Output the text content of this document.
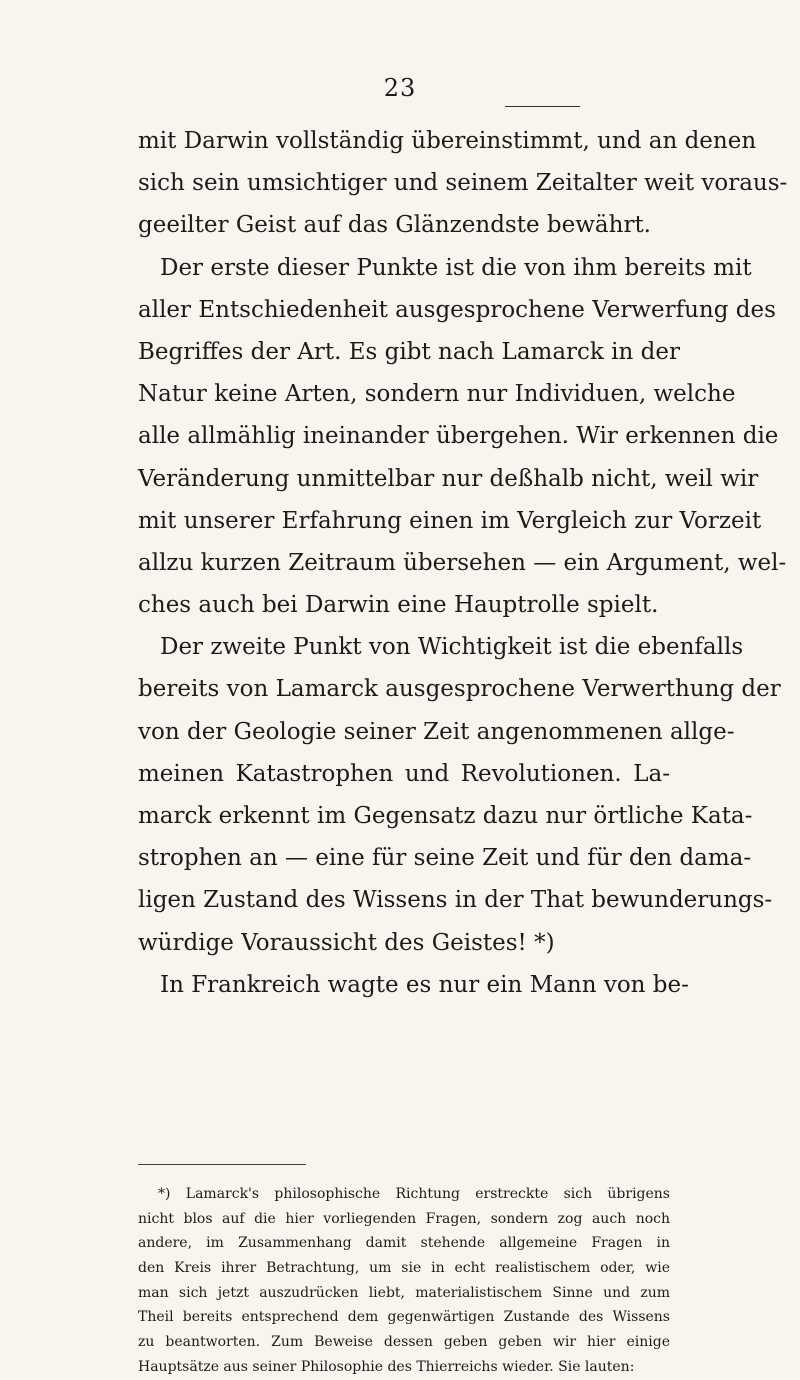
23
mit Darwin vollständig übereinstimmt, und an denen
sich sein umsichtiger und seinem Zeitalter weit voraus-
geeilter Geist auf das Glänzendste bewährt.
Der erste dieser Punkte ist die von ihm bereits mit
aller Entschiedenheit ausgesprochene Verwerfung des
Begriffes der Art. Es gibt nach Lamarck in der
Natur keine Arten, sondern nur Individuen, welche
alle allmählig ineinander übergehen. Wir erkennen die
Veränderung unmittelbar nur deßhalb nicht, weil wir
mit unserer Erfahrung einen im Vergleich zur Vorzeit
allzu kurzen Zeitraum übersehen — ein Argument, wel-
ches auch bei Darwin eine Hauptrolle spielt.
Der zweite Punkt von Wichtigkeit ist die ebenfalls
bereits von Lamarck ausgesprochene Verwerthung der
von der Geologie seiner Zeit angenommenen allge-
meinen Katastrophen und Revolutionen. La-
marck erkennt im Gegensatz dazu nur örtliche Kata-
strophen an — eine für seine Zeit und für den dama-
ligen Zustand des Wissens in der That bewunderungs-
würdige Voraussicht des Geistes! *)
In Frankreich wagte es nur ein Mann von be-
*) Lamarck's philosophische Richtung erstreckte sich übrigens
nicht blos auf die hier vorliegenden Fragen, sondern zog auch noch
andere, im Zusammenhang damit stehende allgemeine Fragen in
den Kreis ihrer Betrachtung, um sie in echt realistischem oder, wie
man sich jetzt auszudrücken liebt, materialistischem Sinne und zum
Theil bereits entsprechend dem gegenwärtigen Zustande des Wissens
zu beantworten. Zum Beweise dessen geben geben wir hier einige
Hauptsätze aus seiner Philosophie des Thierreichs wieder. Sie lauten:
